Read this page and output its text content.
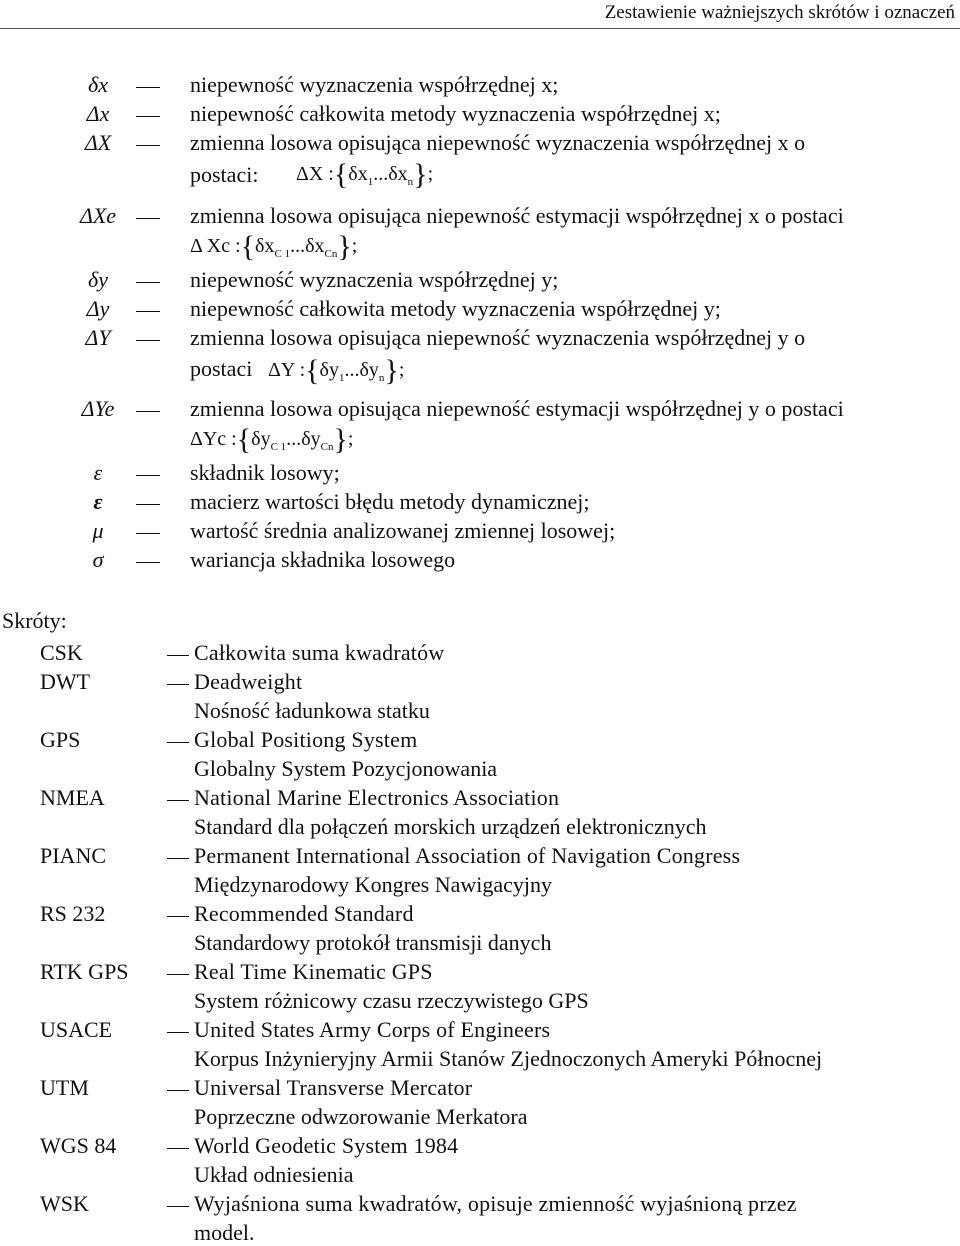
Zestawienie ważniejszych skrótów i oznaczeń
δx	niepewność wyznaczenia współrzędnej x;
Δx	niepewność całkowita metody wyznaczenia współrzędnej x;
ΔX	zmienna losowa opisująca niepewność wyznaczenia współrzędnej x o
postaci: ΔX $:\{\delta x_1...\delta x_n\}$;
ΔXe	zmienna losowa opisująca niepewność estymacji współrzędnej x o postaci
Δ Xc $:\{\delta x_{C 1}...\delta x_{Cn}\}$;
δy	niepewność wyznaczenia współrzędnej y;
Δy	niepewność całkowita metody wyznaczenia współrzędnej y;
ΔY	zmienna losowa opisująca niepewność wyznaczenia współrzędnej y o
postaci ΔY $:\{\delta y_1...\delta y_n\}$;
ΔYe	zmienna losowa opisująca niepewność estymacji współrzędnej y o postaci
ΔYc $:\{\delta y_{C 1}...\delta y_{Cn}\}$;
ε	składnik losowy;
ε	macierz wartości błędu metody dynamicznej;
μ	wartość średnia analizowanej zmiennej losowej;
σ	wariancja składnika losowego
Skróty:
CSK	Całkowita suma kwadratów
DWT	Deadweight
Nośność ładunkowa statku
GPS	Global Positiong System
Globalny System Pozycjonowania
NMEA	National Marine Electronics Association
Standard dla połączeń morskich urządzeń elektronicznych
PIANC	Permanent International Association of Navigation Congress
Międzynarodowy Kongres Nawigacyjny
RS 232	Recommended Standard
Standardowy protokół transmisji danych
RTK GPS	Real Time Kinematic GPS
System różnicowy czasu rzeczywistego GPS
USACE	United States Army Corps of Engineers
Korpus Inżynieryjny Armii Stanów Zjednoczonych Ameryki Północnej
UTM	Universal Transverse Mercator
Poprzeczne odwzorowanie Merkatora
WGS 84	World Geodetic System 1984
Układ odniesienia
WSK	Wyjaśniona suma kwadratów, opisuje zmienność wyjaśnioną przez
model.
